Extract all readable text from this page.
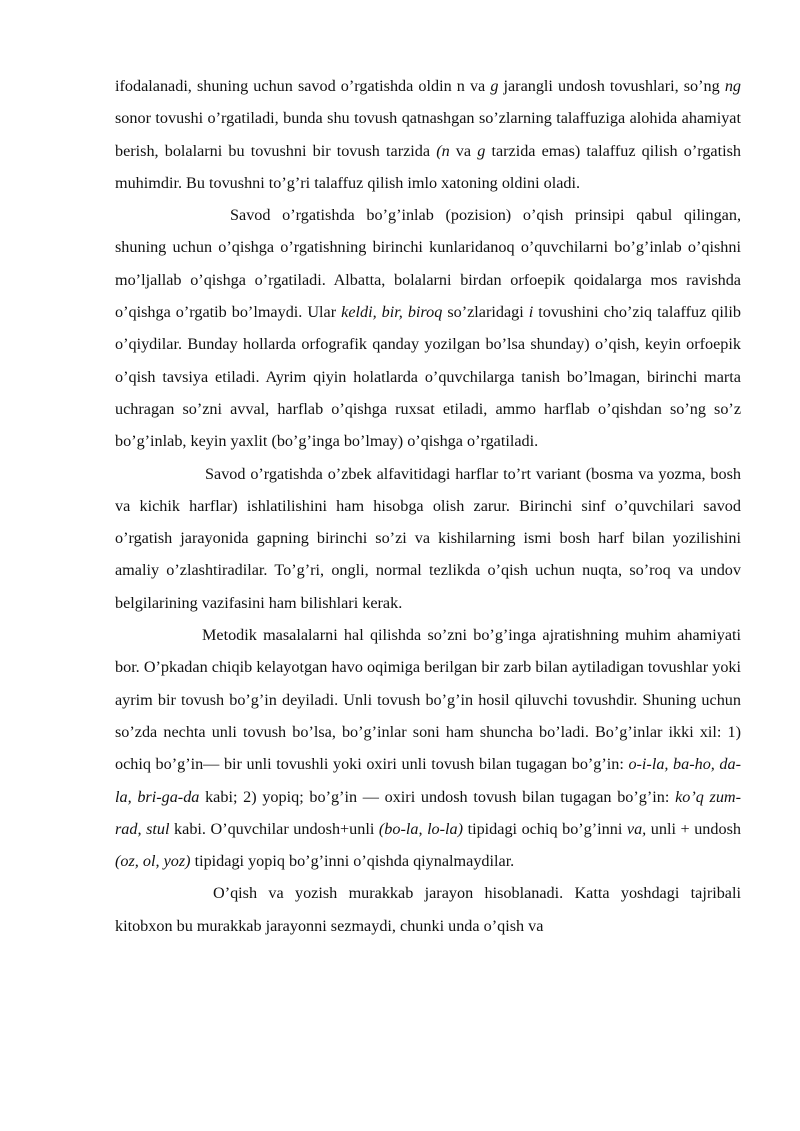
ifodalanadi, shuning uchun savod o’rgatishda oldin n va g jarangli undosh tovushlari, so’ng ng sonor tovushi o’rgatiladi, bunda shu tovush qatnashgan so’zlarning talaffuziga alohida ahamiyat berish, bolalarni bu tovushni bir tovush tarzida (n va g tarzida emas) talaffuz qilish o’rgatish muhimdir. Bu tovushni to’g’ri talaffuz qilish imlo xatoning oldini oladi.

Savod o’rgatishda bo’g’inlab (pozision) o’qish prinsipi qabul qilingan, shuning uchun o’qishga o’rgatishning birinchi kunlaridanoq o’quvchilarni bo’g’inlab o’qishni mo’ljallab o’qishga o’rgatiladi. Albatta, bolalarni birdan orfoepik qoidalarga mos ravishda o’qishga o’rgatib bo’lmaydi. Ular keldi, bir, biroq so’zlaridagi i tovushini cho’ziq talaffuz qilib o’qiydilar. Bunday hollarda orfografik qanday yozilgan bo’lsa shunday) o’qish, keyin orfoepik o’qish tavsiya etiladi. Ayrim qiyin holatlarda o’quvchilarga tanish bo’lmagan, birinchi marta uchragan so’zni avval, harflab o’qishga ruxsat etiladi, ammo harflab o’qishdan so’ng so’z bo’g’inlab, keyin yaxlit (bo’g’inga bo’lmay) o’qishga o’rgatiladi.

Savod o’rgatishda o’zbek alfavitidagi harflar to’rt variant (bosma va yozma, bosh va kichik harflar) ishlatilishini ham hisobga olish zarur. Birinchi sinf o’quvchilari savod o’rgatish jarayonida gapning birinchi so’zi va kishilarning ismi bosh harf bilan yozilishini amaliy o’zlashtiradilar. To’g’ri, ongli, normal tezlikda o’qish uchun nuqta, so’roq va undov belgilarining vazifasini ham bilishlari kerak.

Metodik masalalarni hal qilishda so’zni bo’g’inga ajratishning muhim ahamiyati bor. O’pkadan chiqib kelayotgan havo oqimiga berilgan bir zarb bilan aytiladigan tovushlar yoki ayrim bir tovush bo’g’in deyiladi. Unli tovush bo’g’in hosil qiluvchi tovushdir. Shuning uchun so’zda nechta unli tovush bo’lsa, bo’g’inlar soni ham shuncha bo’ladi. Bo’g’inlar ikki xil: 1) ochiq bo’g’in— bir unli tovushli yoki oxiri unli tovush bilan tugagan bo’g’in: o-i-la, ba-ho, da-la, bri-ga-da kabi; 2) yopiq; bo’g’in — oxiri undosh tovush bilan tugagan bo’g’in: ko’q zum-rad, stul kabi. O’quvchilar undosh+unli (bo-la, lo-la) tipidagi ochiq bo’g’inni va, unli + undosh (oz, ol, yoz) tipidagi yopiq bo’g’inni o’qishda qiynalmaydilar.

O’qish va yozish murakkab jarayon hisoblanadi. Katta yoshdagi tajribali kitobxon bu murakkab jarayonni sezmaydi, chunki unda o’qish va
